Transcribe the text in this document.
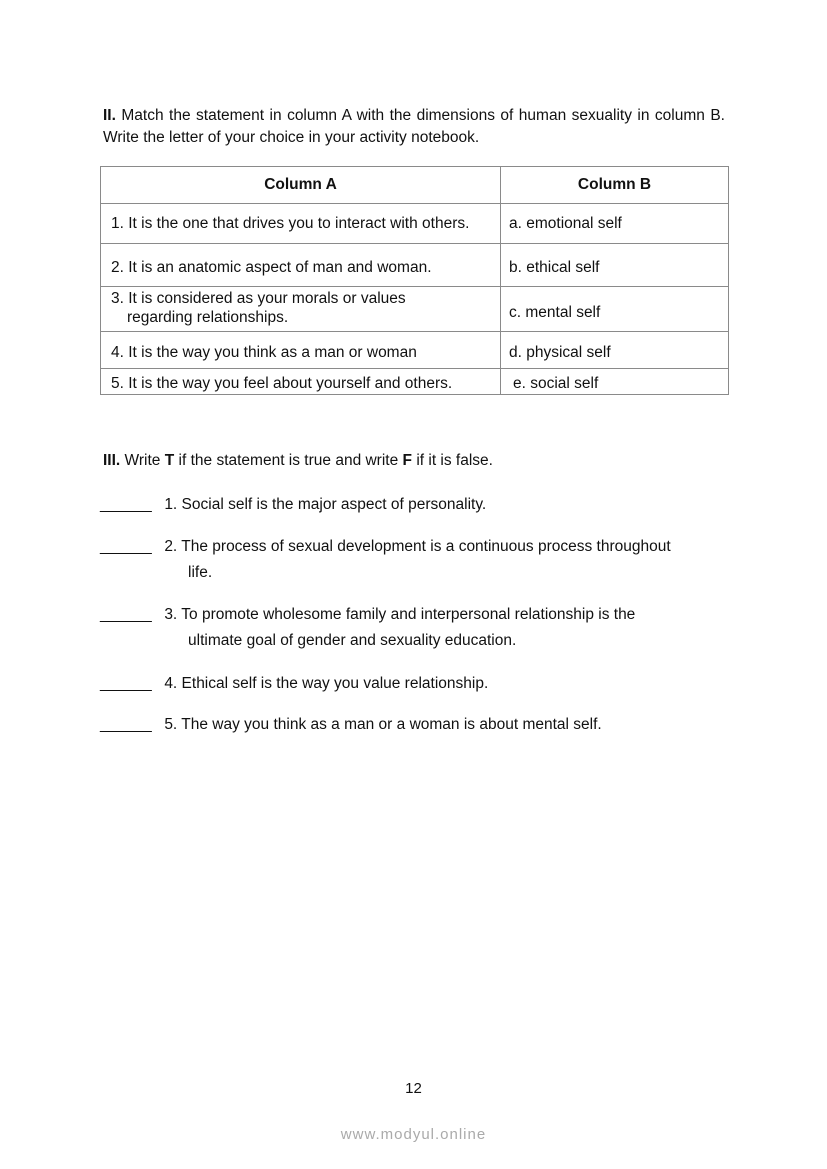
II. Match the statement in column A with the dimensions of human sexuality in column B. Write the letter of your choice in your activity notebook.
Column A	Column B
1. It is the one that drives you to interact with others.	a. emotional self
2. It is an anatomic aspect of man and woman.	b. ethical self
3. It is considered as your morals or values
regarding relationships.	c. mental self
4. It is the way you think as a man or woman	d. physical self
5. It is the way you feel about yourself and others.	e. social self
III. Write T if the statement is true and write F if it is false.
______ 1. Social self is the major aspect of personality.
______ 2. The process of sexual development is a continuous process throughout
life.
______ 3. To promote wholesome family and interpersonal relationship is the
ultimate goal of gender and sexuality education.
______ 4. Ethical self is the way you value relationship.
______ 5. The way you think as a man or a woman is about mental self.
12
www.modyul.online
